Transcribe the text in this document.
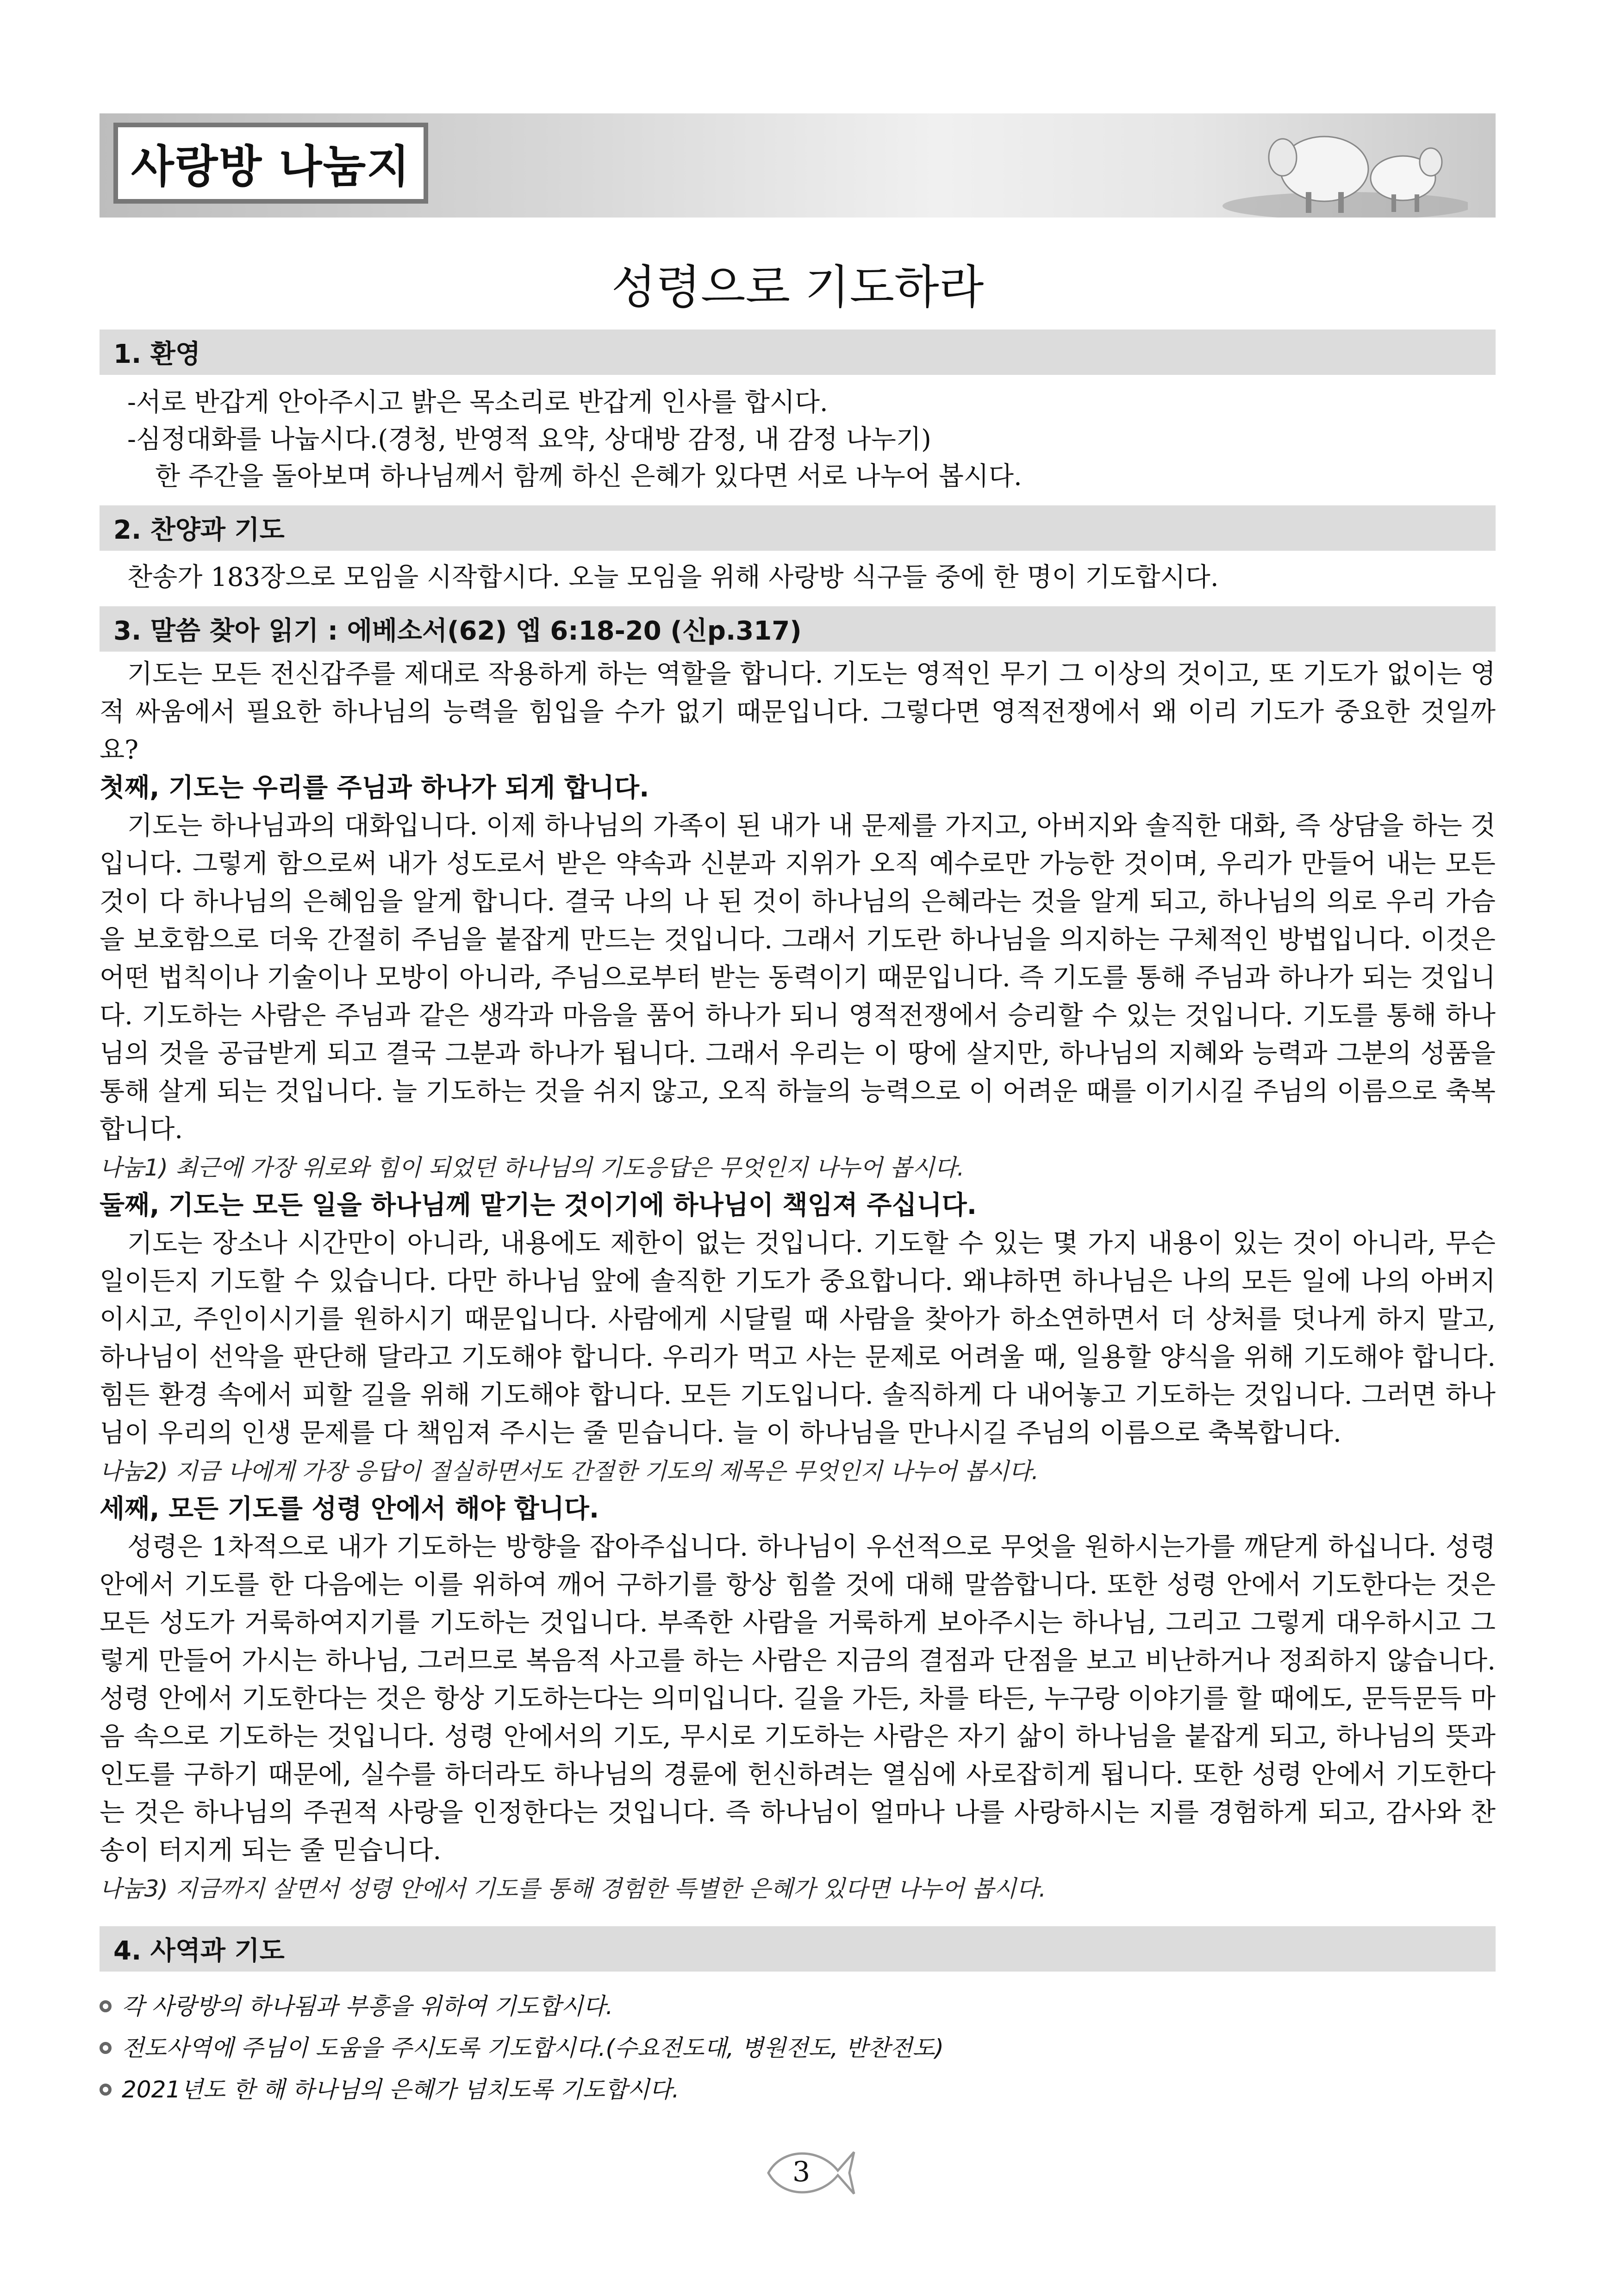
사랑방 나눔지
성령으로 기도하라
1. 환영
-서로 반갑게 안아주시고 밝은 목소리로 반갑게 인사를 합시다.
-심정대화를 나눕시다.(경청, 반영적 요약, 상대방 감정, 내 감정 나누기)
한 주간을 돌아보며 하나님께서 함께 하신 은혜가 있다면 서로 나누어 봅시다.
2. 찬양과 기도
찬송가 183장으로 모임을 시작합시다. 오늘 모임을 위해 사랑방 식구들 중에 한 명이 기도합시다.
3. 말씀 찾아 읽기 : 에베소서(62) 엡 6:18-20 (신p.317)

기도는 모든 전신갑주를 제대로 작용하게 하는 역할을 합니다. 기도는 영적인 무기 그 이상의 것이고, 또 기도가 없이는 영적 싸움에서 필요한 하나님의 능력을 힘입을 수가 없기 때문입니다. 그렇다면 영적전쟁에서 왜 이리 기도가 중요한 것일까요?

첫째, 기도는 우리를 주님과 하나가 되게 합니다.

기도는 하나님과의 대화입니다. 이제 하나님의 가족이 된 내가 내 문제를 가지고, 아버지와 솔직한 대화, 즉 상담을 하는 것입니다. 그렇게 함으로써 내가 성도로서 받은 약속과 신분과 지위가 오직 예수로만 가능한 것이며, 우리가 만들어 내는 모든 것이 다 하나님의 은혜임을 알게 합니다. 결국 나의 나 된 것이 하나님의 은혜라는 것을 알게 되고, 하나님의 의로 우리 가슴을 보호함으로 더욱 간절히 주님을 붙잡게 만드는 것입니다. 그래서 기도란 하나님을 의지하는 구체적인 방법입니다. 이것은 어떤 법칙이나 기술이나 모방이 아니라, 주님으로부터 받는 동력이기 때문입니다. 즉 기도를 통해 주님과 하나가 되는 것입니다. 기도하는 사람은 주님과 같은 생각과 마음을 품어 하나가 되니 영적전쟁에서 승리할 수 있는 것입니다. 기도를 통해 하나님의 것을 공급받게 되고 결국 그분과 하나가 됩니다. 그래서 우리는 이 땅에 살지만, 하나님의 지혜와 능력과 그분의 성품을 통해 살게 되는 것입니다. 늘 기도하는 것을 쉬지 않고, 오직 하늘의 능력으로 이 어려운 때를 이기시길 주님의 이름으로 축복합니다.

나눔1) 최근에 가장 위로와 힘이 되었던 하나님의 기도응답은 무엇인지 나누어 봅시다.

둘째, 기도는 모든 일을 하나님께 맡기는 것이기에 하나님이 책임져 주십니다.

기도는 장소나 시간만이 아니라, 내용에도 제한이 없는 것입니다. 기도할 수 있는 몇 가지 내용이 있는 것이 아니라, 무슨 일이든지 기도할 수 있습니다. 다만 하나님 앞에 솔직한 기도가 중요합니다. 왜냐하면 하나님은 나의 모든 일에 나의 아버지이시고, 주인이시기를 원하시기 때문입니다. 사람에게 시달릴 때 사람을 찾아가 하소연하면서 더 상처를 덧나게 하지 말고, 하나님이 선악을 판단해 달라고 기도해야 합니다. 우리가 먹고 사는 문제로 어려울 때, 일용할 양식을 위해 기도해야 합니다. 힘든 환경 속에서 피할 길을 위해 기도해야 합니다. 모든 기도입니다. 솔직하게 다 내어놓고 기도하는 것입니다. 그러면 하나님이 우리의 인생 문제를 다 책임져 주시는 줄 믿습니다. 늘 이 하나님을 만나시길 주님의 이름으로 축복합니다.

나눔2) 지금 나에게 가장 응답이 절실하면서도 간절한 기도의 제목은 무엇인지 나누어 봅시다.

세째, 모든 기도를 성령 안에서 해야 합니다.

성령은 1차적으로 내가 기도하는 방향을 잡아주십니다. 하나님이 우선적으로 무엇을 원하시는가를 깨닫게 하십니다. 성령 안에서 기도를 한 다음에는 이를 위하여 깨어 구하기를 항상 힘쓸 것에 대해 말씀합니다. 또한 성령 안에서 기도한다는 것은 모든 성도가 거룩하여지기를 기도하는 것입니다. 부족한 사람을 거룩하게 보아주시는 하나님, 그리고 그렇게 대우하시고 그렇게 만들어 가시는 하나님, 그러므로 복음적 사고를 하는 사람은 지금의 결점과 단점을 보고 비난하거나 정죄하지 않습니다. 성령 안에서 기도한다는 것은 항상 기도하는다는 의미입니다. 길을 가든, 차를 타든, 누구랑 이야기를 할 때에도, 문득문득 마음 속으로 기도하는 것입니다. 성령 안에서의 기도, 무시로 기도하는 사람은 자기 삶이 하나님을 붙잡게 되고, 하나님의 뜻과 인도를 구하기 때문에, 실수를 하더라도 하나님의 경륜에 헌신하려는 열심에 사로잡히게 됩니다. 또한 성령 안에서 기도한다는 것은 하나님의 주권적 사랑을 인정한다는 것입니다. 즉 하나님이 얼마나 나를 사랑하시는 지를 경험하게 되고, 감사와 찬송이 터지게 되는 줄 믿습니다.

나눔3) 지금까지 살면서 성령 안에서 기도를 통해 경험한 특별한 은혜가 있다면 나누어 봅시다.

4. 사역과 기도

각 사랑방의 하나됨과 부흥을 위하여 기도합시다.

전도사역에 주님이 도움을 주시도록 기도합시다.(수요전도대, 병원전도, 반찬전도)

2021년도 한 해 하나님의 은혜가 넘치도록 기도합시다.

3
